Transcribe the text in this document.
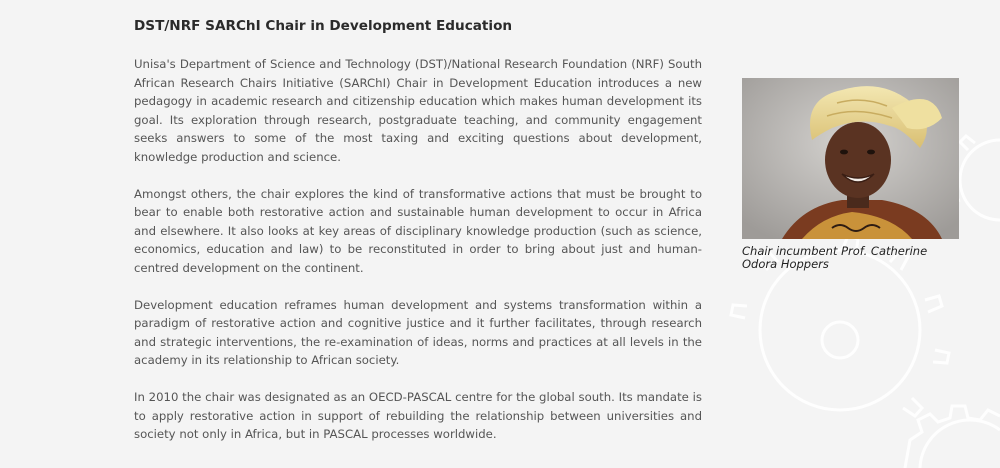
DST/NRF SARChI Chair in Development Education

Unisa's Department of Science and Technology (DST)/National Research Foundation (NRF) South African Research Chairs Initiative (SARChI) Chair in Development Education introduces a new pedagogy in academic research and citizenship education which makes human development its goal. Its exploration through research, postgraduate teaching, and community engagement seeks answers to some of the most taxing and exciting questions about development, knowledge production and science.

Amongst others, the chair explores the kind of transformative actions that must be brought to bear to enable both restorative action and sustainable human development to occur in Africa and elsewhere. It also looks at key areas of disciplinary knowledge production (such as science, economics, education and law) to be reconstituted in order to bring about just and human-centred development on the continent.

Development education reframes human development and systems transformation within a paradigm of restorative action and cognitive justice and it further facilitates, through research and strategic interventions, the re-examination of ideas, norms and practices at all levels in the academy in its relationship to African society.

In 2010 the chair was designated as an OECD-PASCAL centre for the global south. Its mandate is to apply restorative action in support of rebuilding the relationship between universities and society not only in Africa, but in PASCAL processes worldwide.

Chair incumbent Prof. Catherine Odora Hoppers
